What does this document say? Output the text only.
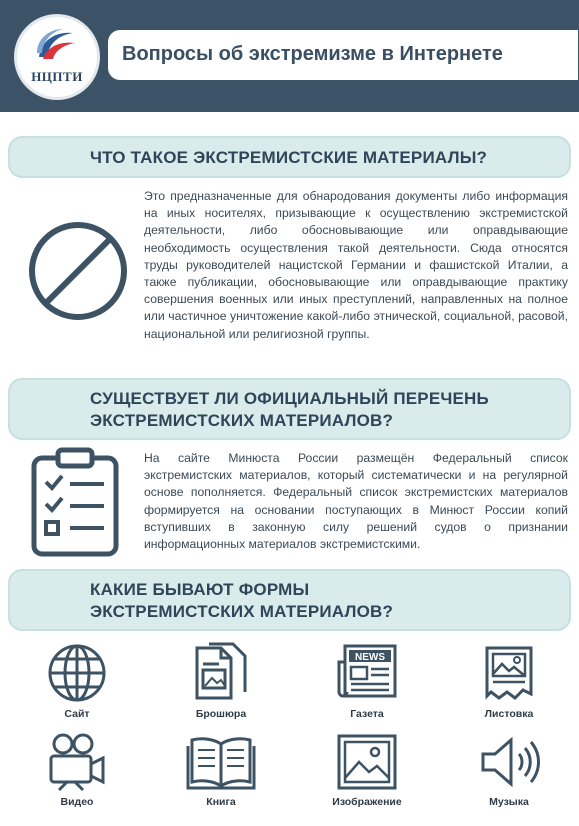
НЦПТИ
Вопросы об экстремизме в Интернете
ЧТО ТАКОЕ ЭКСТРЕМИСТСКИЕ МАТЕРИАЛЫ?
Это предназначенные для обнародования документы либо информация на иных носителях, призывающие к осуществлению экстремистской деятельности, либо обосновывающие или оправдывающие необходимость осуществления такой деятельности. Сюда относятся труды руководителей нацистской Германии и фашистской Италии, а также публикации, обосновывающие или оправдывающие практику совершения военных или иных преступлений, направленных на полное или частичное уничтожение какой-либо этнической, социальной, расовой, национальной или религиозной группы.
СУЩЕСТВУЕТ ЛИ ОФИЦИАЛЬНЫЙ ПЕРЕЧЕНЬ
ЭКСТРЕМИСТСКИХ МАТЕРИАЛОВ?
На сайте Минюста России размещён Федеральный список экстремистских материалов, который систематически и на регулярной основе пополняется. Федеральный список экстремистских материалов формируется на основании поступающих в Минюст России копий вступивших в законную силу решений судов о признании информационных материалов экстремистскими.
КАКИЕ БЫВАЮТ ФОРМЫ
ЭКСТРЕМИСТСКИХ МАТЕРИАЛОВ?
Сайт	Брошюра
NEWS
Газета	Листовка
Видео	Книга	Изображение	Музыка
